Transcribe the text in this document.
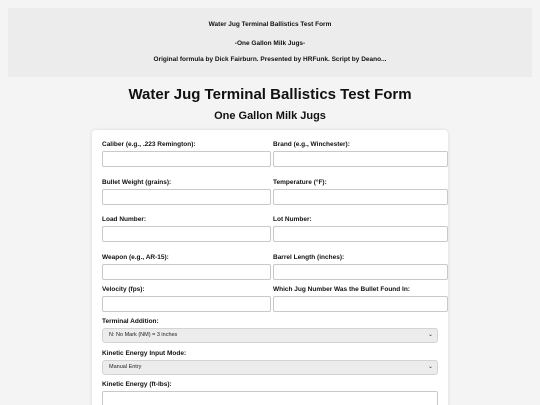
Water Jug Terminal Ballistics Test Form
-One Gallon Milk Jugs-
Original formula by Dick Fairburn. Presented by HRFunk. Script by Deano...
Water Jug Terminal Ballistics Test Form
One Gallon Milk Jugs
Caliber (e.g., .223 Remington):	Brand (e.g., Winchester):
Bullet Weight (grains):	Temperature (°F):
Load Number:	Lot Number:
Weapon (e.g., AR-15):	Barrel Length (inches):
Velocity (fps):	Which Jug Number Was the Bullet Found In:
Terminal Addition:
N: No Mark (NM) = 3 inches	⌄
Kinetic Energy Input Mode:
Manual Entry	⌄
Kinetic Energy (ft-lbs):
